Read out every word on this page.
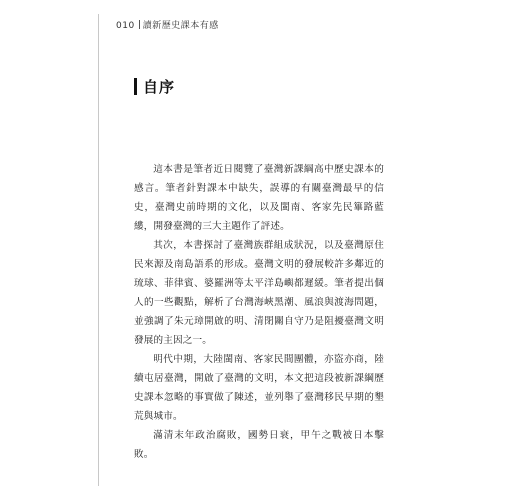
010 讀新歷史課本有感
自序

這本書是筆者近日閱覽了臺灣新課綱高中歷史課本的感言。筆者針對課本中缺失，誤導的有關臺灣最早的信史，臺灣史前時期的文化，以及閩南、客家先民篳路藍縷，開發臺灣的三大主題作了評述。

其次，本書探討了臺灣族群組成狀況，以及臺灣原住民來源及南島語系的形成。臺灣文明的發展較許多鄰近的琉球、菲律賓、婆羅洲等太平洋島嶼都遲緩。筆者提出個人的一些觀點，解析了台灣海峽黑潮、風浪與渡海問題，並強調了朱元璋開啟的明、清閉關自守乃是阻擾臺灣文明發展的主因之一。

明代中期，大陸閩南、客家民間團體，亦盜亦商，陸續屯居臺灣，開啟了臺灣的文明，本文把這段被新課綱歷史課本忽略的事實做了陳述，並列舉了臺灣移民早期的墾荒與城市。

滿清末年政治腐敗，國勢日衰，甲午之戰被日本擊敗。
